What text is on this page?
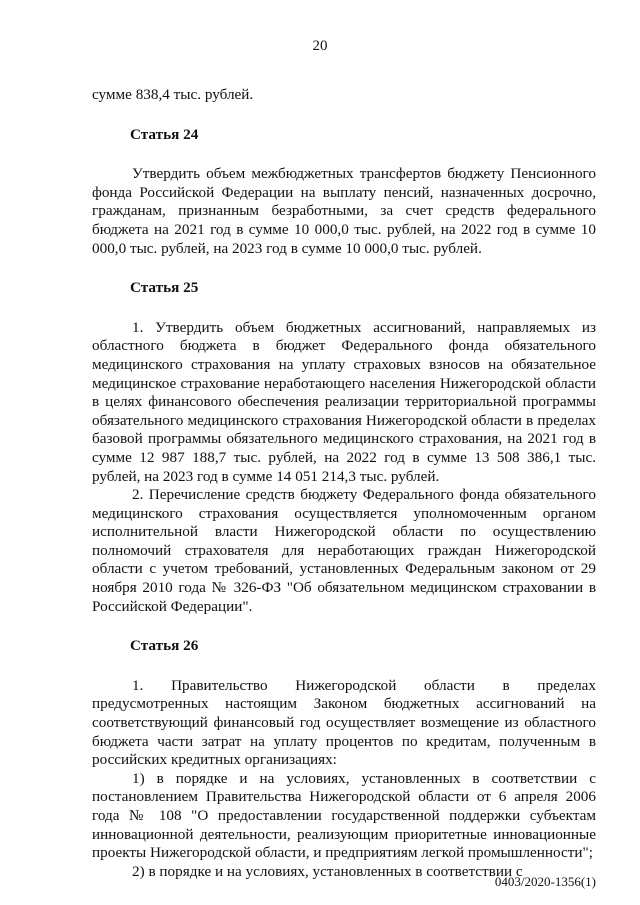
20

сумме 838,4 тыс. рублей.

Статья 24

Утвердить объем межбюджетных трансфертов бюджету Пенсионного фонда Российской Федерации на выплату пенсий, назначенных досрочно, гражданам, признанным безработными, за счет средств федерального бюджета на 2021 год в сумме 10 000,0 тыс. рублей, на 2022 год в сумме 10 000,0 тыс. рублей, на 2023 год в сумме 10 000,0 тыс. рублей.

Статья 25

1. Утвердить объем бюджетных ассигнований, направляемых из областного бюджета в бюджет Федерального фонда обязательного медицинского страхования на уплату страховых взносов на обязательное медицинское страхование неработающего населения Нижегородской области в целях финансового обеспечения реализации территориальной программы обязательного медицинского страхования Нижегородской области в пределах базовой программы обязательного медицинского страхования, на 2021 год в сумме 12 987 188,7 тыс. рублей, на 2022 год в сумме 13 508 386,1 тыс. рублей, на 2023 год в сумме 14 051 214,3 тыс. рублей.

2. Перечисление средств бюджету Федерального фонда обязательного медицинского страхования осуществляется уполномоченным органом исполнительной власти Нижегородской области по осуществлению полномочий страхователя для неработающих граждан Нижегородской области с учетом требований, установленных Федеральным законом от 29 ноября 2010 года № 326-ФЗ "Об обязательном медицинском страховании в Российской Федерации".

Статья 26

1. Правительство Нижегородской области в пределах предусмотренных настоящим Законом бюджетных ассигнований на соответствующий финансовый год осуществляет возмещение из областного бюджета части затрат на уплату процентов по кредитам, полученным в российских кредитных организациях:

1) в порядке и на условиях, установленных в соответствии с постановлением Правительства Нижегородской области от 6 апреля 2006 года № 108 "О предоставлении государственной поддержки субъектам инновационной деятельности, реализующим приоритетные инновационные проекты Нижегородской области, и предприятиям легкой промышленности";

2) в порядке и на условиях, установленных в соответствии с

0403/2020-1356(1)
